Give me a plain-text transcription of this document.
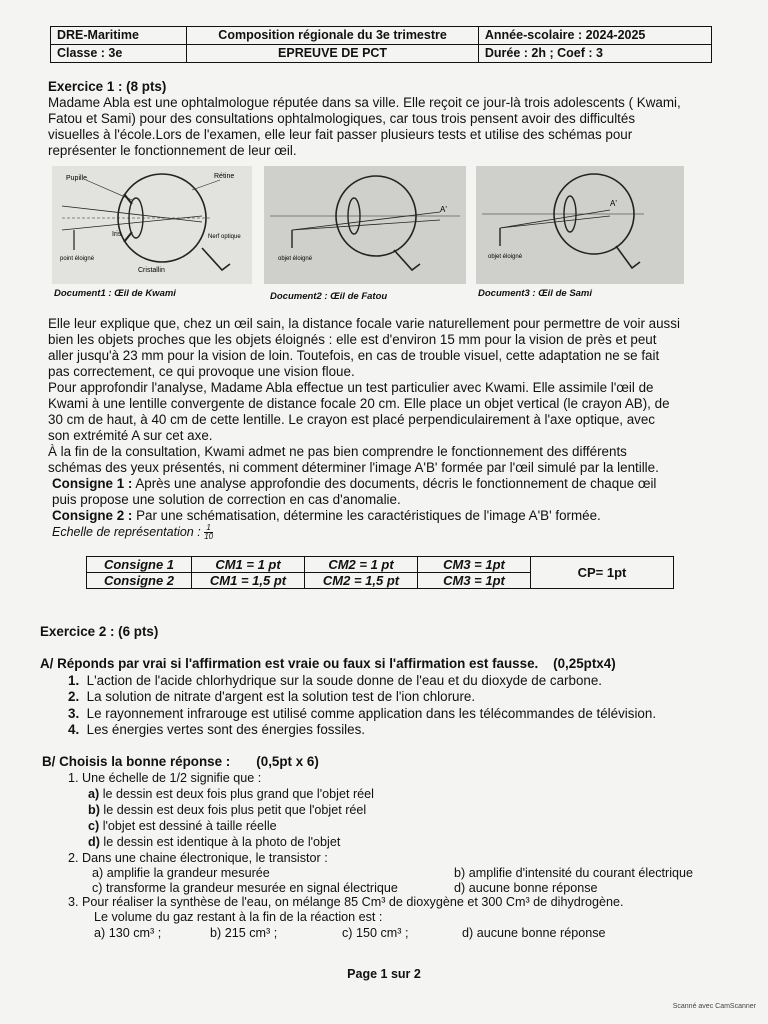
DRE-Maritime	Composition régionale du 3e trimestre	Année-scolaire : 2024-2025
Classe : 3e	EPREUVE DE PCT	Durée : 2h ; Coef : 3
Exercice 1 : (8 pts)
Madame Abla est une ophtalmologue réputée dans sa ville. Elle reçoit ce jour-là trois adolescents ( Kwami,
Fatou et Sami) pour des consultations ophtalmologiques, car tous trois pensent avoir des difficultés
visuelles à l'école.Lors de l'examen, elle leur fait passer plusieurs tests et utilise des schémas pour
représenter le fonctionnement de leur œil.
Pupille	Rétine
Iris	Nerf optique
Cristallin
point éloigné
A'
objet éloigné
A'
objet éloigné
Document1 : Œil de Kwami	Document2 : Œil de Fatou	Document3 : Œil de Sami
Elle leur explique que, chez un œil sain, la distance focale varie naturellement pour permettre de voir aussi
bien les objets proches que les objets éloignés : elle est d'environ 15 mm pour la vision de près et peut
aller jusqu'à 23 mm pour la vision de loin. Toutefois, en cas de trouble visuel, cette adaptation ne se fait
pas correctement, ce qui provoque une vision floue.
Pour approfondir l'analyse, Madame Abla effectue un test particulier avec Kwami. Elle assimile l'œil de
Kwami à une lentille convergente de distance focale 20 cm. Elle place un objet vertical (le crayon AB), de
30 cm de haut, à 40 cm de cette lentille. Le crayon est placé perpendiculairement à l'axe optique, avec
son extrémité A sur cet axe.
À la fin de la consultation, Kwami admet ne pas bien comprendre le fonctionnement des différents
schémas des yeux présentés, ni comment déterminer l'image A'B' formée par l'œil simulé par la lentille.
Consigne 1 : Après une analyse approfondie des documents, décris le fonctionnement de chaque œil
puis propose une solution de correction en cas d'anomalie.
Consigne 2 : Par une schématisation, détermine les caractéristiques de l'image A'B' formée.
Echelle de représentation : $\frac{1}{10}$
Consigne 1	CM1 = 1 pt	CM2 = 1 pt	CM3 = 1pt	CP= 1pt
Consigne 2	CM1 = 1,5 pt	CM2 = 1,5 pt	CM3 = 1pt	
Exercice 2 : (6 pts)
A/ Réponds par vrai si l'affirmation est vraie ou faux si l'affirmation est fausse. (0,25ptx4)
1. L'action de l'acide chlorhydrique sur la soude donne de l'eau et du dioxyde de carbone.
2. La solution de nitrate d'argent est la solution test de l'ion chlorure.
3. Le rayonnement infrarouge est utilisé comme application dans les télécommandes de télévision.
4. Les énergies vertes sont des énergies fossiles.
B/ Choisis la bonne réponse : (0,5pt x 6)
1. Une échelle de 1/2 signifie que :
a) le dessin est deux fois plus grand que l'objet réel
b) le dessin est deux fois plus petit que l'objet réel
c) l'objet est dessiné à taille réelle
d) le dessin est identique à la photo de l'objet
2. Dans une chaine électronique, le transistor :
a) amplifie la grandeur mesurée	b) amplifie d'intensité du courant électrique
c) transforme la grandeur mesurée en signal électrique	d) aucune bonne réponse
3. Pour réaliser la synthèse de l'eau, on mélange 85 Cm³ de dioxygène et 300 Cm³ de dihydrogène.
Le volume du gaz restant à la fin de la réaction est :
a) 130 cm³ ;	b) 215 cm³ ;	c) 150 cm³ ;	d) aucune bonne réponse
Page 1 sur 2
Scanné avec CamScanner
